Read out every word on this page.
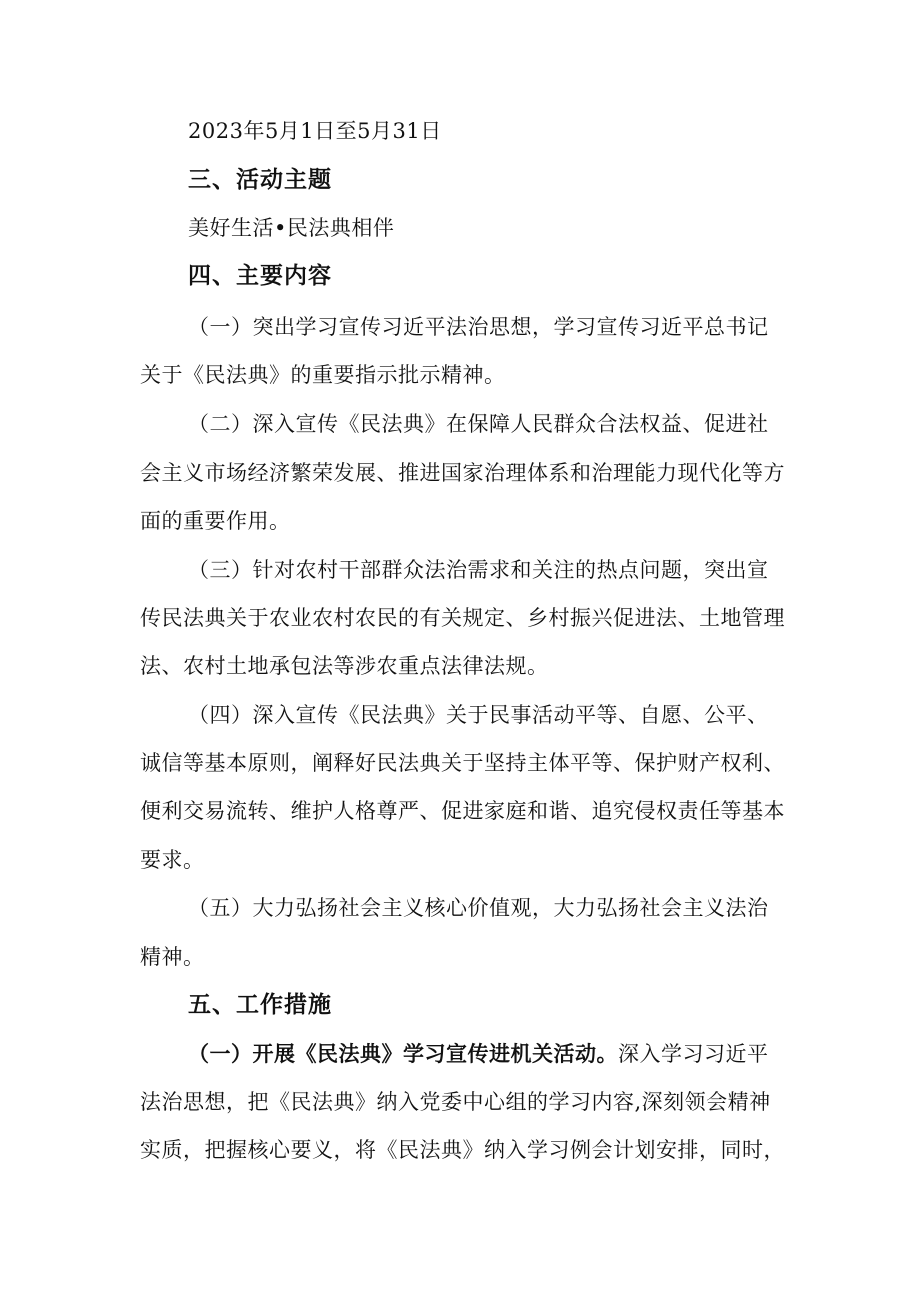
2023年5月1日至5月31日
三、活动主题
美好生活•民法典相伴
四、主要内容
（一）突出学习宣传习近平法治思想，学习宣传习近平总书记
关于《民法典》的重要指示批示精神。
（二）深入宣传《民法典》在保障人民群众合法权益、促进社
会主义市场经济繁荣发展、推进国家治理体系和治理能力现代化等方
面的重要作用。
（三）针对农村干部群众法治需求和关注的热点问题，突出宣
传民法典关于农业农村农民的有关规定、乡村振兴促进法、土地管理
法、农村土地承包法等涉农重点法律法规。
（四）深入宣传《民法典》关于民事活动平等、自愿、公平、
诚信等基本原则，阐释好民法典关于坚持主体平等、保护财产权利、
便利交易流转、维护人格尊严、促进家庭和谐、追究侵权责任等基本
要求。
（五）大力弘扬社会主义核心价值观，大力弘扬社会主义法治
精神。
五、工作措施
（一）开展《民法典》学习宣传进机关活动。深入学习习近平
法治思想，把《民法典》纳入党委中心组的学习内容,深刻领会精神
实质，把握核心要义，将《民法典》纳入学习例会计划安排，同时，
